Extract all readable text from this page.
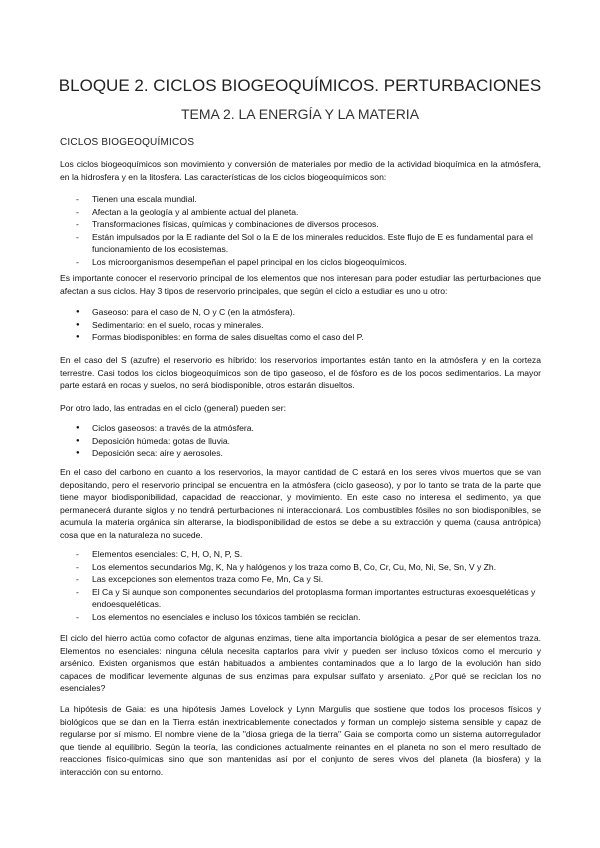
BLOQUE 2. CICLOS BIOGEOQUÍMICOS. PERTURBACIONES
TEMA 2. LA ENERGÍA Y LA MATERIA
CICLOS BIOGEOQUÍMICOS

Los ciclos biogeoquímicos son movimiento y conversión de materiales por medio de la actividad bioquímica en la atmósfera, en la hidrosfera y en la litosfera. Las características de los ciclos biogeoquímicos son:

- Tienen una escala mundial.
- Afectan a la geología y al ambiente actual del planeta.
- Transformaciones físicas, químicas y combinaciones de diversos procesos.
- Están impulsados por la E radiante del Sol o la E de los minerales reducidos. Este flujo de E es fundamental para el funcionamiento de los ecosistemas.
- Los microorganismos desempeñan el papel principal en los ciclos biogeoquímicos.

Es importante conocer el reservorio principal de los elementos que nos interesan para poder estudiar las perturbaciones que afectan a sus ciclos. Hay 3 tipos de reservorio principales, que según el ciclo a estudiar es uno u otro:

● Gaseoso: para el caso de N, O y C (en la atmósfera).
● Sedimentario: en el suelo, rocas y minerales.
● Formas biodisponibles: en forma de sales disueltas como el caso del P.

En el caso del S (azufre) el reservorio es híbrido: los reservorios importantes están tanto en la atmósfera y en la corteza terrestre. Casi todos los ciclos biogeoquímicos son de tipo gaseoso, el de fósforo es de los pocos sedimentarios. La mayor parte estará en rocas y suelos, no será biodisponible, otros estarán disueltos.

Por otro lado, las entradas en el ciclo (general) pueden ser:

● Ciclos gaseosos: a través de la atmósfera.
● Deposición húmeda: gotas de lluvia.
● Deposición seca: aire y aerosoles.

En el caso del carbono en cuanto a los reservorios, la mayor cantidad de C estará en los seres vivos muertos que se van depositando, pero el reservorio principal se encuentra en la atmósfera (ciclo gaseoso), y por lo tanto se trata de la parte que tiene mayor biodisponibilidad, capacidad de reaccionar, y movimiento. En este caso no interesa el sedimento, ya que permanecerá durante siglos y no tendrá perturbaciones ni interaccionará. Los combustibles fósiles no son biodisponibles, se acumula la materia orgánica sin alterarse, la biodisponibilidad de estos se debe a su extracción y quema (causa antrópica) cosa que en la naturaleza no sucede.

- Elementos esenciales: C, H, O, N, P, S.
- Los elementos secundarios Mg, K, Na y halógenos y los traza como B, Co, Cr, Cu, Mo, Ni, Se, Sn, V y Zh.
- Las excepciones son elementos traza como Fe, Mn, Ca y Si.
- El Ca y Si aunque son componentes secundarios del protoplasma forman importantes estructuras exoesqueléticas y endoesqueléticas.
- Los elementos no esenciales e incluso los tóxicos también se reciclan.

El ciclo del hierro actúa como cofactor de algunas enzimas, tiene alta importancia biológica a pesar de ser elementos traza. Elementos no esenciales: ninguna célula necesita captarlos para vivir y pueden ser incluso tóxicos como el mercurio y arsénico. Existen organismos que están habituados a ambientes contaminados que a lo largo de la evolución han sido capaces de modificar levemente algunas de sus enzimas para expulsar sulfato y arseniato. ¿Por qué se reciclan los no esenciales?

La hipótesis de Gaia: es una hipótesis James Lovelock y Lynn Margulis que sostiene que todos los procesos físicos y biológicos que se dan en la Tierra están inextricablemente conectados y forman un complejo sistema sensible y capaz de regularse por sí mismo. El nombre viene de la "diosa griega de la tierra" Gaia se comporta como un sistema autorregulador que tiende al equilibrio. Según la teoría, las condiciones actualmente reinantes en el planeta no son el mero resultado de reacciones físico-químicas sino que son mantenidas así por el conjunto de seres vivos del planeta (la biosfera) y la interacción con su entorno.
